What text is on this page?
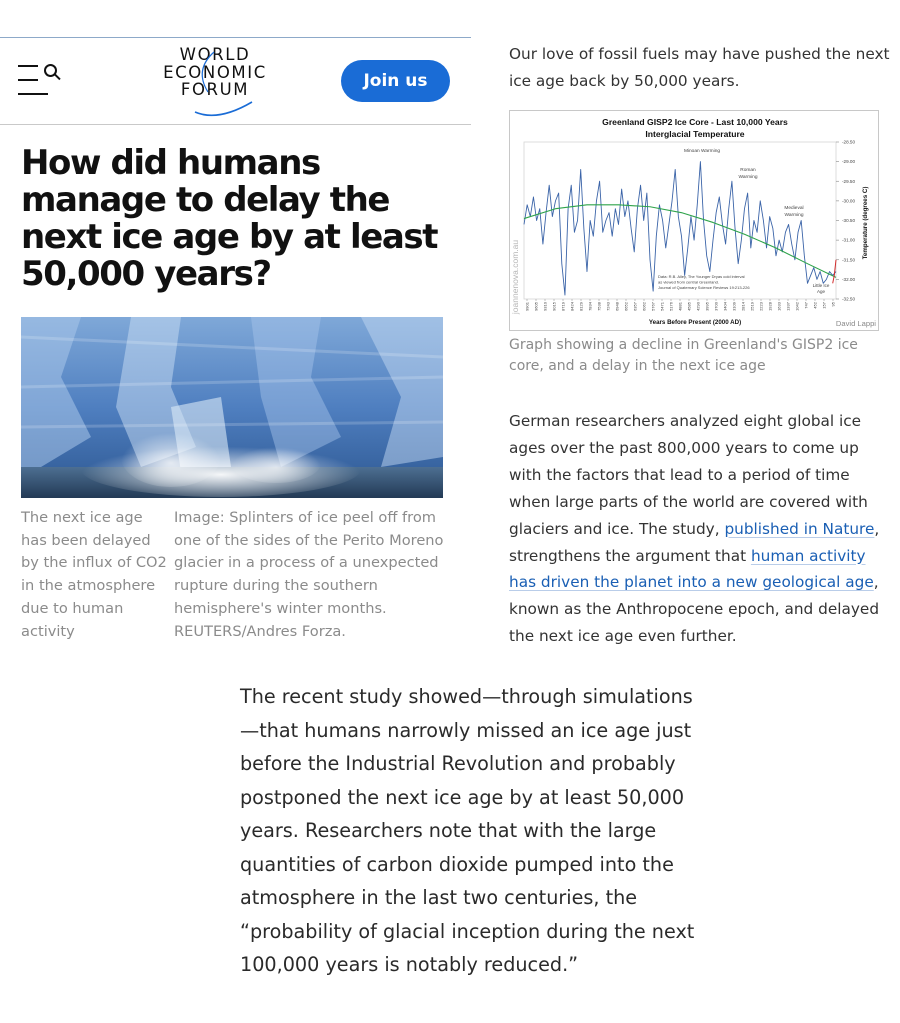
WORLD
ECONOMIC
FORUM	Join us
How did humans manage to delay the next ice age by at least 50,000 years?
The next ice age has been delayed by the influx of CO2 in the atmosphere due to human activity
Image: Splinters of ice peel off from one of the sides of the Perito Moreno glacier in a process of a unexpected rupture during the southern hemisphere's winter months. REUTERS/Andres Forza.

Our love of fossil fuels may have pushed the next ice age back by 50,000 years.

Greenland GISP2 Ice Core - Last 10,000 Years
Interglacial Temperature
-28.50
-29.00
-29.50
-30.00
-30.50
-31.00
-31.50
-32.00
-32.50
9901 9605 9310 9015 8719 8424 8129 7834 7538 7243 6948 6652 6357 6062 5767 5471 5176 4881 4585 4290 3995 3700 3404 3109 2814 2519 2223 1928 1633 1337 1042 747 452 157 95
Minoan Warming
Roman Warming
Medieval Warming
Little Ice Age
Data: R.B. Alley, The Younger Dryas cold interval as viewed from central Greenland. Journal of Quaternary Science Reviews 19:213-226
Years Before Present (2000 AD)
Temperature (degrees C)
joannenova.com.au
David Lappi

Graph showing a decline in Greenland's GISP2 ice core, and a delay in the next ice age

German researchers analyzed eight global ice ages over the past 800,000 years to come up with the factors that lead to a period of time when large parts of the world are covered with glaciers and ice. The study, published in Nature, strengthens the argument that human activity has driven the planet into a new geological age, known as the Anthropocene epoch, and delayed the next ice age even further.

The recent study showed—through simulations—that humans narrowly missed an ice age just before the Industrial Revolution and probably postponed the next ice age by at least 50,000 years. Researchers note that with the large quantities of carbon dioxide pumped into the atmosphere in the last two centuries, the “probability of glacial inception during the next 100,000 years is notably reduced.”
